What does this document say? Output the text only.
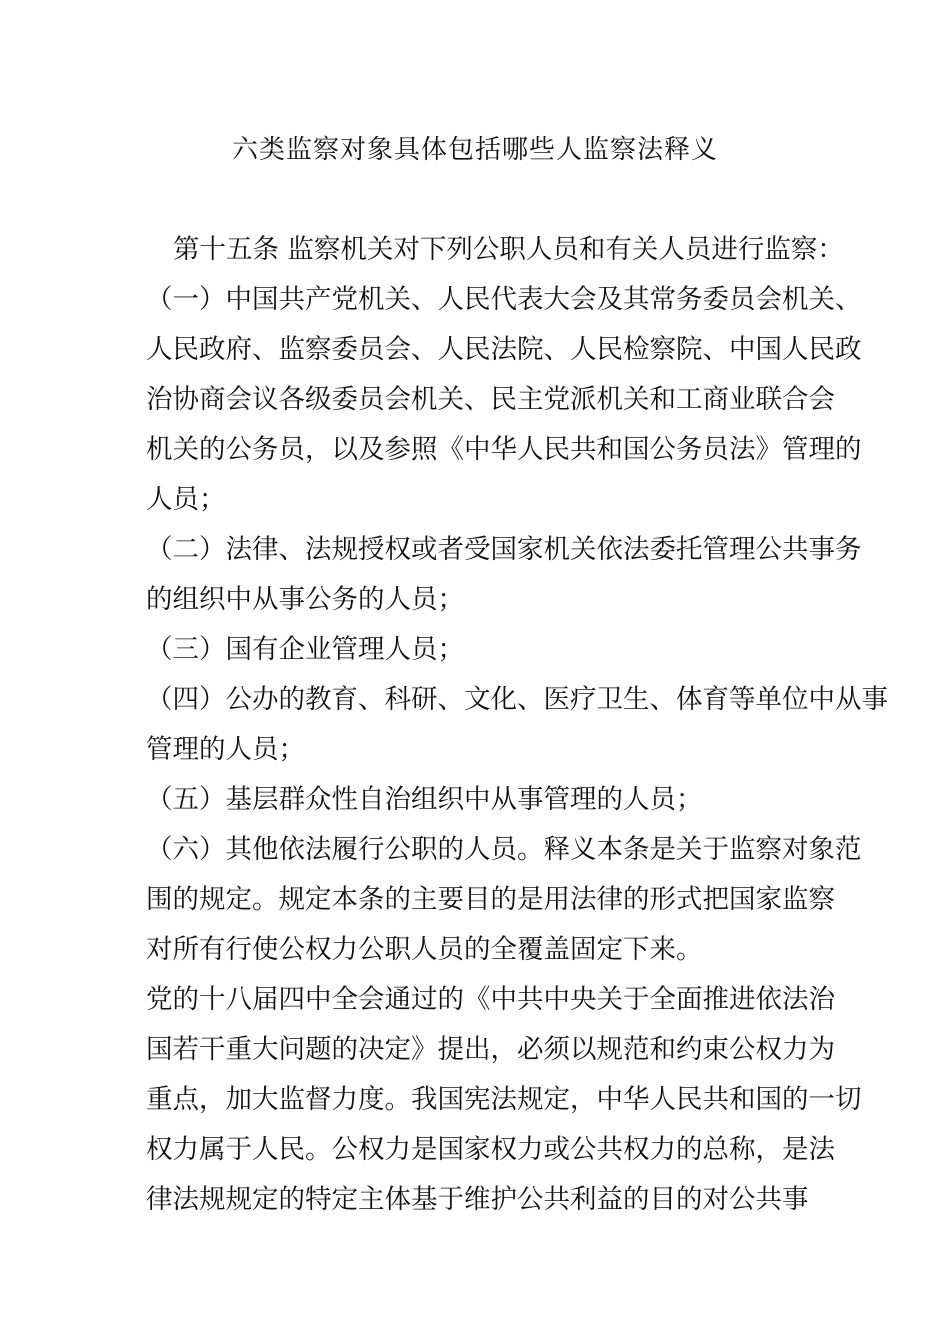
六类监察对象具体包括哪些人监察法释义
第十五条 监察机关对下列公职人员和有关人员进行监察：
（一）中国共产党机关、人民代表大会及其常务委员会机关、
人民政府、监察委员会、人民法院、人民检察院、中国人民政
治协商会议各级委员会机关、民主党派机关和工商业联合会
机关的公务员，以及参照《中华人民共和国公务员法》管理的
人员；
（二）法律、法规授权或者受国家机关依法委托管理公共事务
的组织中从事公务的人员；
（三）国有企业管理人员；
（四）公办的教育、科研、文化、医疗卫生、体育等单位中从事
管理的人员；
（五）基层群众性自治组织中从事管理的人员；
（六）其他依法履行公职的人员。释义本条是关于监察对象范
围的规定。规定本条的主要目的是用法律的形式把国家监察
对所有行使公权力公职人员的全覆盖固定下来。
党的十八届四中全会通过的《中共中央关于全面推进依法治
国若干重大问题的决定》提出，必须以规范和约束公权力为
重点，加大监督力度。我国宪法规定，中华人民共和国的一切
权力属于人民。公权力是国家权力或公共权力的总称，是法
律法规规定的特定主体基于维护公共利益的目的对公共事
